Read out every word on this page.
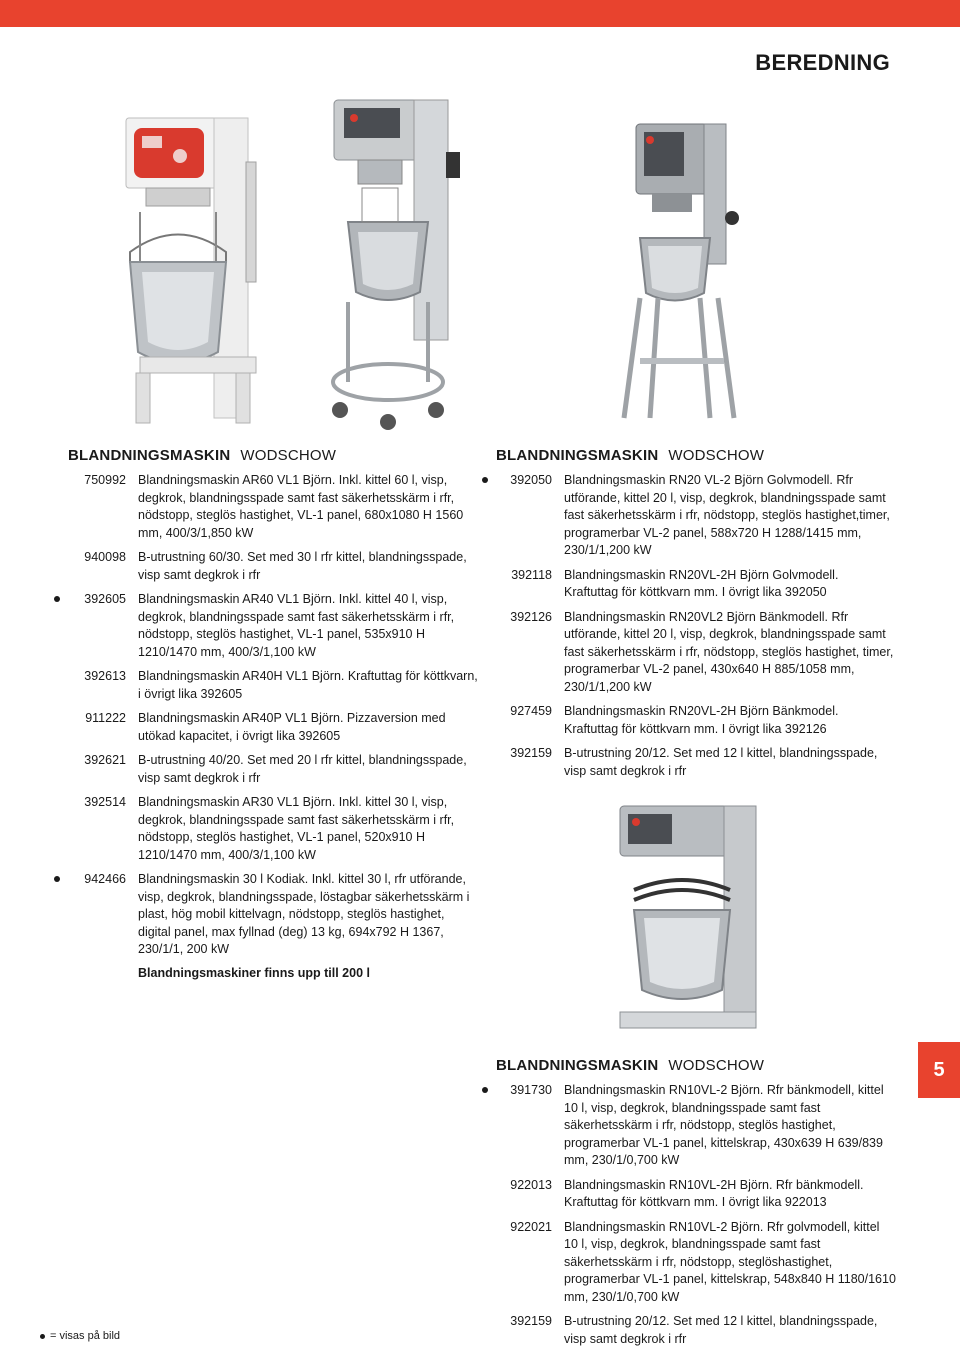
BEREDNING
BLANDNINGSMASKIN WODSCHOW
750992 Blandningsmaskin AR60 VL1 Björn. Inkl. kittel 60 l, visp, degkrok, blandningsspade samt fast säkerhetsskärm i rfr, nödstopp, steglös hastighet, VL-1 panel, 680x1080 H 1560 mm, 400/3/1,850 kW
940098 B-utrustning 60/30. Set med 30 l rfr kittel, blandningsspade, visp samt degkrok i rfr
392605 Blandningsmaskin AR40 VL1 Björn. Inkl. kittel 40 l, visp, degkrok, blandningsspade samt fast säkerhetsskärm i rfr, nödstopp, steglös hastighet, VL-1 panel, 535x910 H 1210/1470 mm, 400/3/1,100 kW
392613 Blandningsmaskin AR40H VL1 Björn. Kraftuttag för köttkvarn, i övrigt lika 392605
911222 Blandningsmaskin AR40P VL1 Björn. Pizzaversion med utökad kapacitet, i övrigt lika 392605
392621 B-utrustning 40/20. Set med 20 l rfr kittel, blandningsspade, visp samt degkrok i rfr
392514 Blandningsmaskin AR30 VL1 Björn. Inkl. kittel 30 l, visp, degkrok, blandningsspade samt fast säkerhetsskärm i rfr, nödstopp, steglös hastighet, VL-1 panel, 520x910 H 1210/1470 mm, 400/3/1,100 kW
942466 Blandningsmaskin 30 l Kodiak. Inkl. kittel 30 l, rfr utförande, visp, degkrok, blandningsspade, löstagbar säkerhetsskärm i plast, hög mobil kittelvagn, nödstopp, steglös hastighet, digital panel, max fyllnad (deg) 13 kg, 694x792 H 1367, 230/1/1, 200 kW
Blandningsmaskiner finns upp till 200 l
BLANDNINGSMASKIN WODSCHOW
392050 Blandningsmaskin RN20 VL-2 Björn Golvmodell. Rfr utförande, kittel 20 l, visp, degkrok, blandningsspade samt fast säkerhetsskärm i rfr, nödstopp, steglös hastighet,timer, programerbar VL-2 panel, 588x720 H 1288/1415 mm, 230/1/1,200 kW
392118 Blandningsmaskin RN20VL-2H Björn Golvmodell. Kraftuttag för köttkvarn mm. I övrigt lika 392050
392126 Blandningsmaskin RN20VL2 Björn Bänkmodell. Rfr utförande, kittel 20 l, visp, degkrok, blandningsspade samt fast säkerhetsskärm i rfr, nödstopp, steglös hastighet, timer, programerbar VL-2 panel, 430x640 H 885/1058 mm, 230/1/1,200 kW
927459 Blandningsmaskin RN20VL-2H Björn Bänkmodel. Kraftuttag för köttkvarn mm. I övrigt lika 392126
392159 B-utrustning 20/12. Set med 12 l kittel, blandningsspade, visp samt degkrok i rfr
BLANDNINGSMASKIN WODSCHOW
391730 Blandningsmaskin RN10VL-2 Björn. Rfr bänkmodell, kittel 10 l, visp, degkrok, blandningsspade samt fast säkerhetsskärm i rfr, nödstopp, steglös hastighet, programerbar VL-1 panel, kittelskrap, 430x639 H 639/839 mm, 230/1/0,700 kW
922013 Blandningsmaskin RN10VL-2H Björn. Rfr bänkmodell. Kraftuttag för köttkvarn mm. I övrigt lika 922013
922021 Blandningsmaskin RN10VL-2 Björn. Rfr golvmodell, kittel 10 l, visp, degkrok, blandningsspade samt fast säkerhetsskärm i rfr, nödstopp, steglöshastighet, programerbar VL-1 panel, kittelskrap, 548x840 H 1180/1610 mm, 230/1/0,700 kW
392159 B-utrustning 20/12. Set med 12 l kittel, blandningsspade, visp samt degkrok i rfr
5
= visas på bild
